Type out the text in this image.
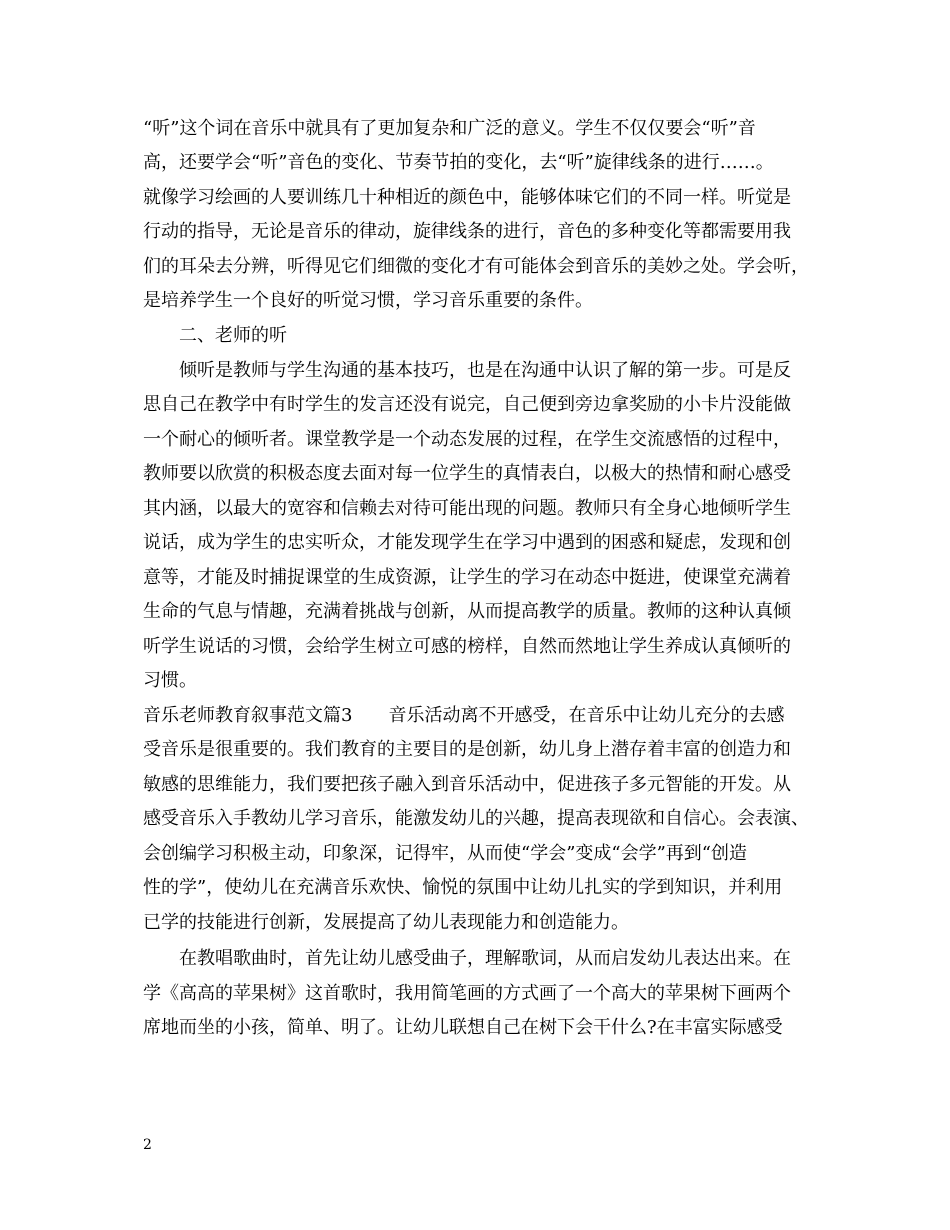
“听”这个词在音乐中就具有了更加复杂和广泛的意义。学生不仅仅要会“听”音
高，还要学会“听”音色的变化、节奏节拍的变化，去“听”旋律线条的进行……。
就像学习绘画的人要训练几十种相近的颜色中，能够体味它们的不同一样。听觉是
行动的指导，无论是音乐的律动，旋律线条的进行，音色的多种变化等都需要用我
们的耳朵去分辨，听得见它们细微的变化才有可能体会到音乐的美妙之处。学会听，
是培养学生一个良好的听觉习惯，学习音乐重要的条件。
　　二、老师的听
　　倾听是教师与学生沟通的基本技巧，也是在沟通中认识了解的第一步。可是反
思自己在教学中有时学生的发言还没有说完，自己便到旁边拿奖励的小卡片没能做
一个耐心的倾听者。课堂教学是一个动态发展的过程，在学生交流感悟的过程中，
教师要以欣赏的积极态度去面对每一位学生的真情表白，以极大的热情和耐心感受
其内涵，以最大的宽容和信赖去对待可能出现的问题。教师只有全身心地倾听学生
说话，成为学生的忠实听众，才能发现学生在学习中遇到的困惑和疑虑，发现和创
意等，才能及时捕捉课堂的生成资源，让学生的学习在动态中挺进，使课堂充满着
生命的气息与情趣，充满着挑战与创新，从而提高教学的质量。教师的这种认真倾
听学生说话的习惯，会给学生树立可感的榜样，自然而然地让学生养成认真倾听的
习惯。
音乐老师教育叙事范文篇3　　音乐活动离不开感受，在音乐中让幼儿充分的去感
受音乐是很重要的。我们教育的主要目的是创新，幼儿身上潜存着丰富的创造力和
敏感的思维能力，我们要把孩子融入到音乐活动中，促进孩子多元智能的开发。从
感受音乐入手教幼儿学习音乐，能激发幼儿的兴趣，提高表现欲和自信心。会表演、
会创编学习积极主动，印象深，记得牢，从而使“学会”变成“会学”再到“创造
性的学”，使幼儿在充满音乐欢快、愉悦的氛围中让幼儿扎实的学到知识，并利用
已学的技能进行创新，发展提高了幼儿表现能力和创造能力。
　　在教唱歌曲时，首先让幼儿感受曲子，理解歌词，从而启发幼儿表达出来。在
学《高高的苹果树》这首歌时，我用简笔画的方式画了一个高大的苹果树下画两个
席地而坐的小孩，简单、明了。让幼儿联想自己在树下会干什么?在丰富实际感受
2
